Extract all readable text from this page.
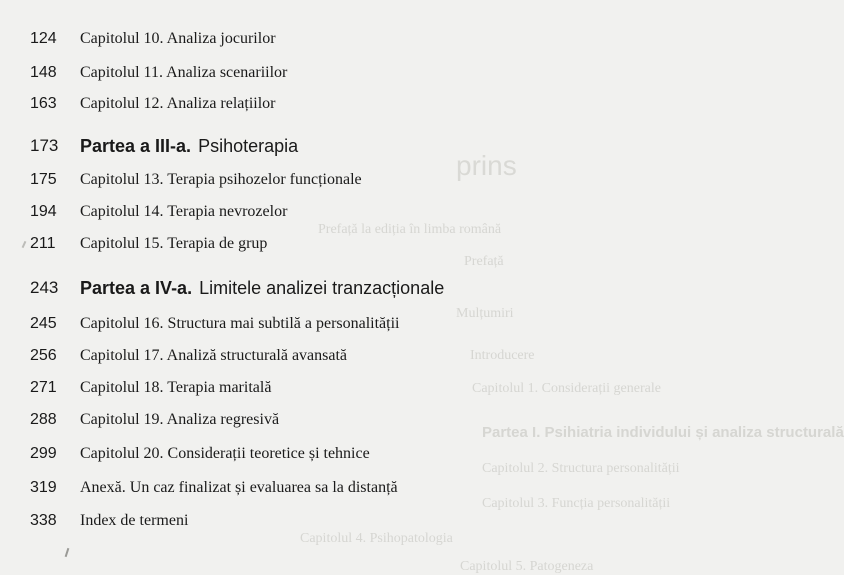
prins
Prefață la ediția în limba română
Prefață
Mulțumiri
Introducere
Capitolul 1. Considerații generale
Partea I. Psihiatria individului și analiza structurală
Capitolul 2. Structura personalității
Capitolul 3. Funcția personalității
Capitolul 4. Psihopatologia
Capitolul 5. Patogeneza
124	Capitolul 10. Analiza jocurilor
148	Capitolul 11. Analiza scenariilor
163	Capitolul 12. Analiza relațiilor
173	Partea a III-a. Psihoterapia
175	Capitolul 13. Terapia psihozelor funcționale
194	Capitolul 14. Terapia nevrozelor
211	Capitolul 15. Terapia de grup
243	Partea a IV-a. Limitele analizei tranzacționale
245	Capitolul 16. Structura mai subtilă a personalității
256	Capitolul 17. Analiză structurală avansată
271	Capitolul 18. Terapia maritală
288	Capitolul 19. Analiza regresivă
299	Capitolul 20. Considerații teoretice și tehnice
319	Anexă. Un caz finalizat și evaluarea sa la distanță
338	Index de termeni
